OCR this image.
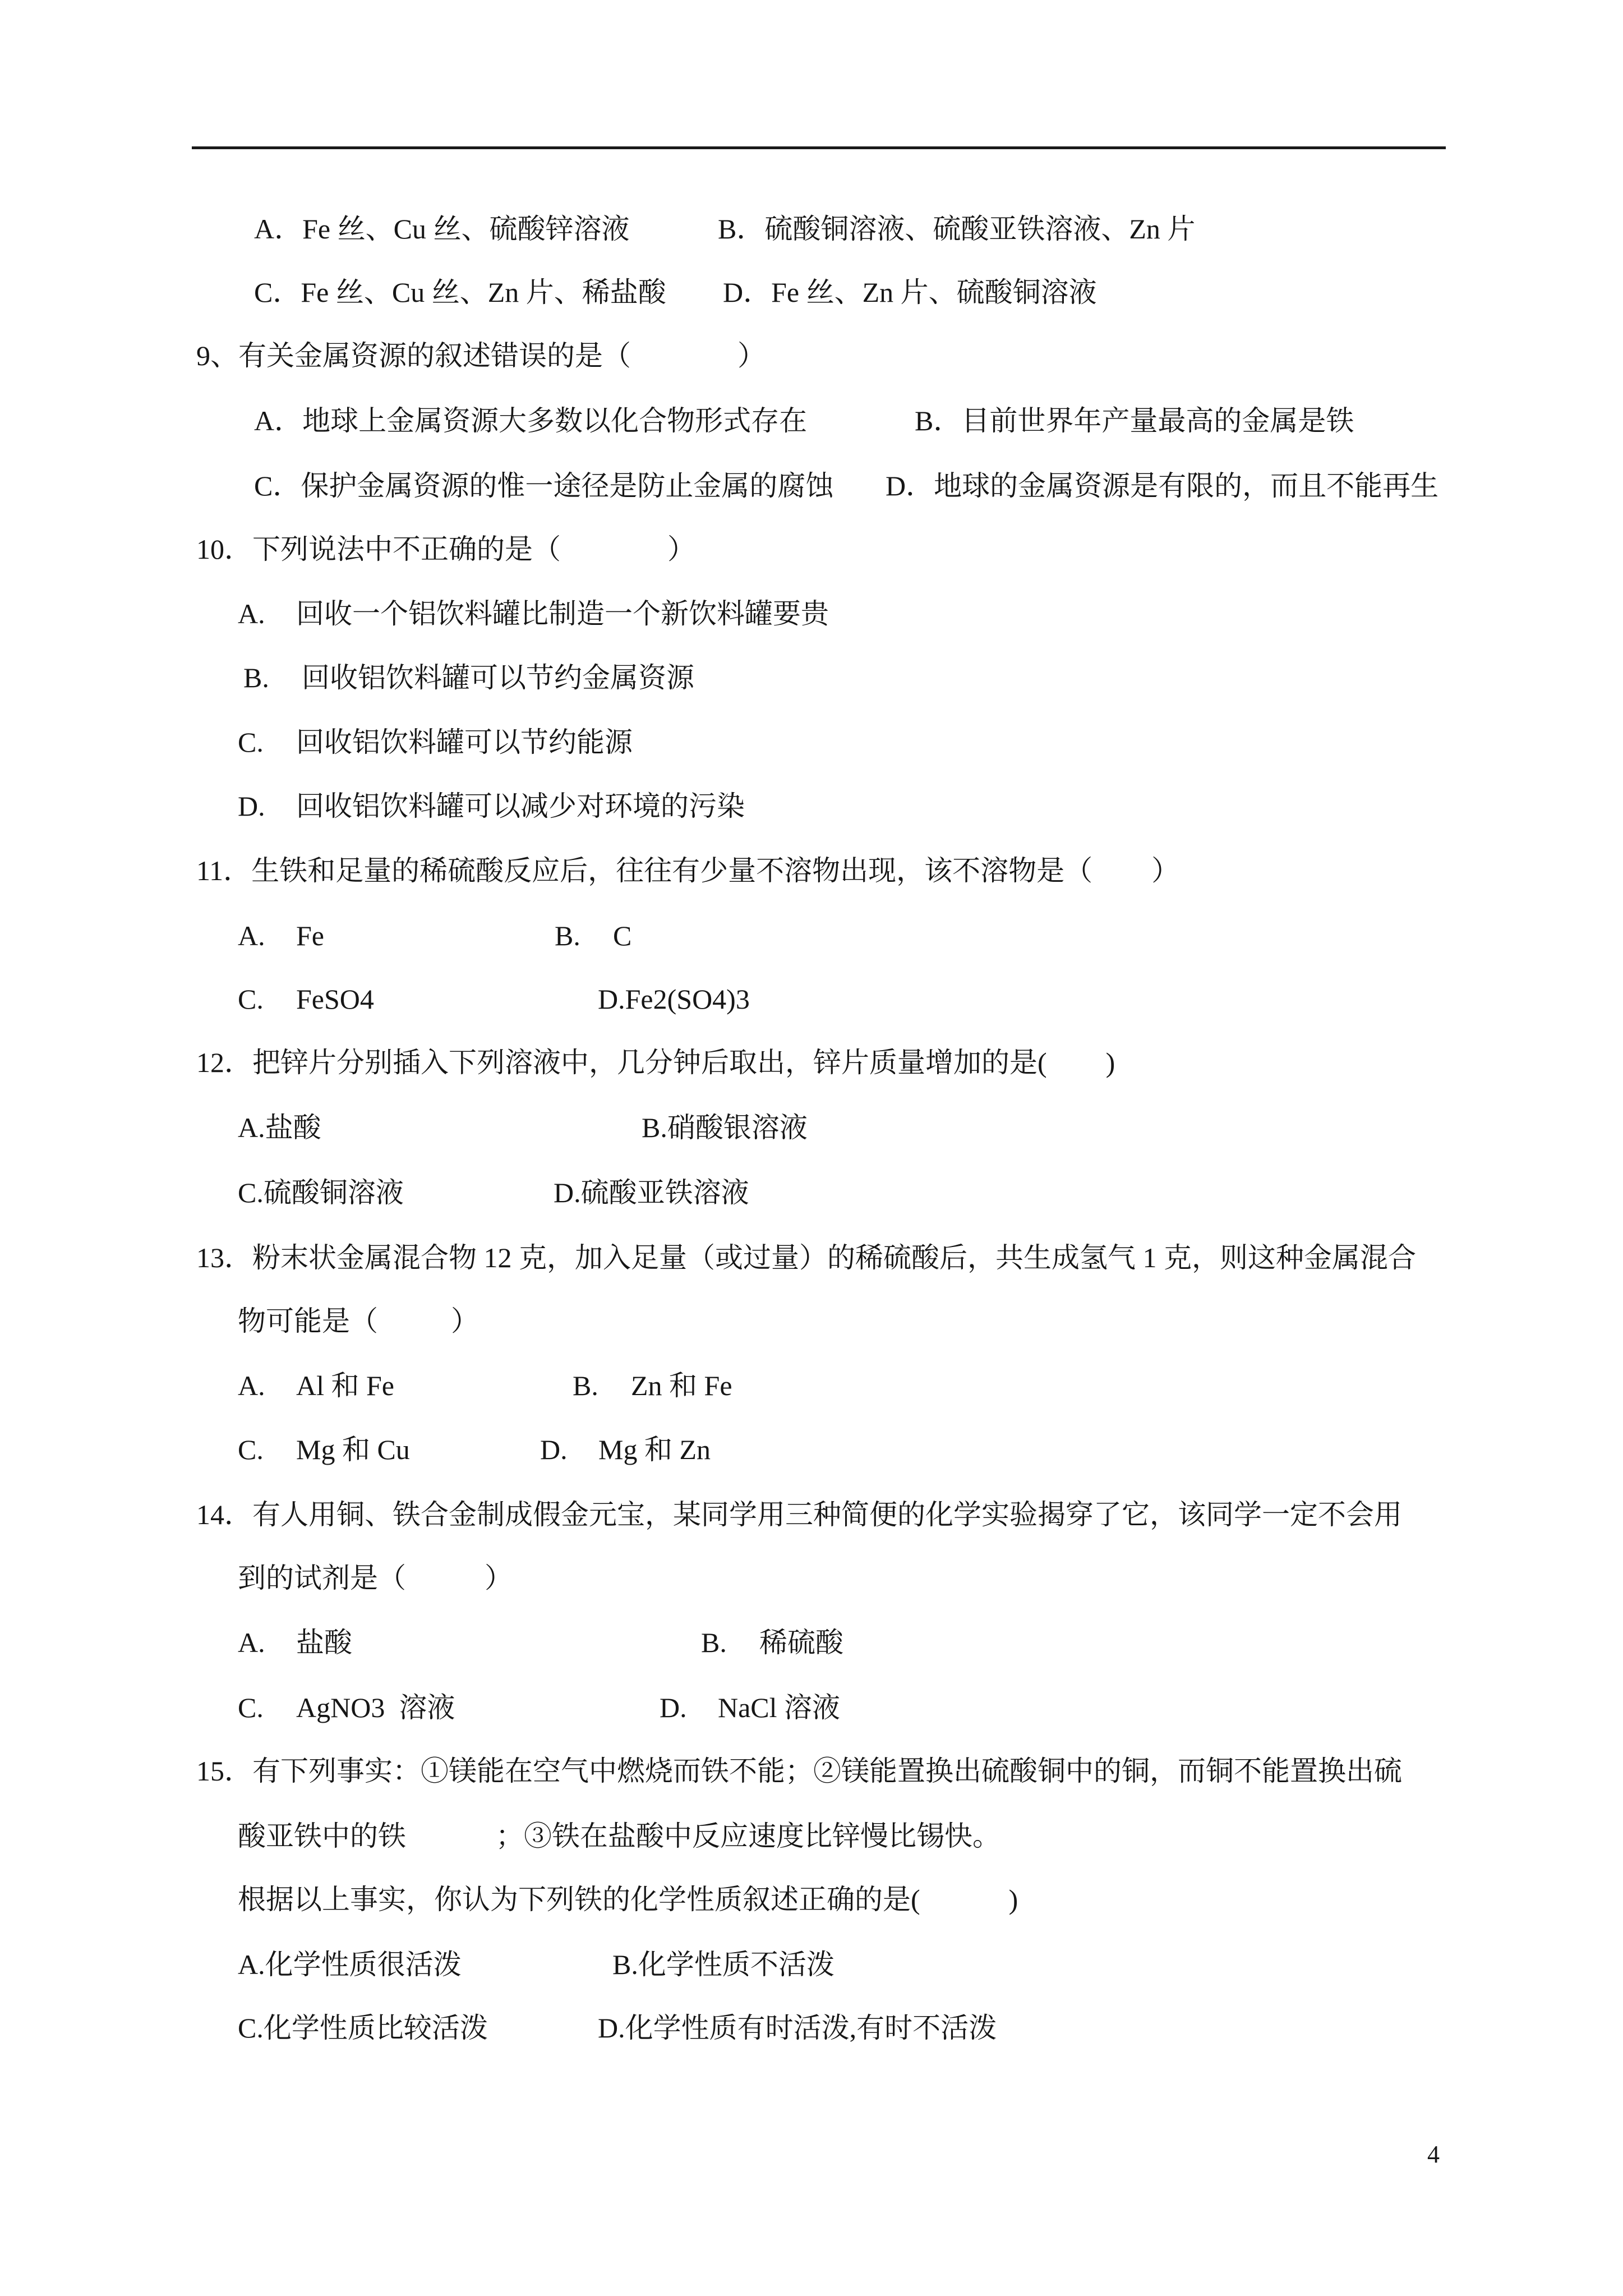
A．Fe 丝、Cu 丝、硫酸锌溶液	B．硫酸铜溶液、硫酸亚铁溶液、Zn 片
C．Fe 丝、Cu 丝、Zn 片、稀盐酸	D．Fe 丝、Zn 片、硫酸铜溶液
9、有关金属资源的叙述错误的是（	）
A．地球上金属资源大多数以化合物形式存在	B．目前世界年产量最高的金属是铁
C．保护金属资源的惟一途径是防止金属的腐蚀	D．地球的金属资源是有限的，而且不能再生
10．下列说法中不正确的是（	）
A. 回收一个铝饮料罐比制造一个新饮料罐要贵
B. 回收铝饮料罐可以节约金属资源
C. 回收铝饮料罐可以节约能源
D. 回收铝饮料罐可以减少对环境的污染
11．生铁和足量的稀硫酸反应后，往往有少量不溶物出现，该不溶物是（ ）
A. Fe	B. C
C. FeSO4	D.Fe2(SO4)3
12．把锌片分别插入下列溶液中，几分钟后取出，锌片质量增加的是( )
A.盐酸	B.硝酸银溶液
C.硫酸铜溶液	D.硫酸亚铁溶液
13．粉末状金属混合物 12 克，加入足量（或过量）的稀硫酸后，共生成氢气 1 克，则这种金属混合
物可能是（	）
A. Al 和 Fe	B. Zn 和 Fe
C. Mg 和 Cu	D. Mg 和 Zn
14．有人用铜、铁合金制成假金元宝，某同学用三种简便的化学实验揭穿了它，该同学一定不会用
到的试剂是（	）
A. 盐酸	B. 稀硫酸
C. AgNO3  溶液	D. NaCl 溶液
15．有下列事实：①镁能在空气中燃烧而铁不能；②镁能置换出硫酸铜中的铜，而铜不能置换出硫
酸亚铁中的铁	；③铁在盐酸中反应速度比锌慢比锡快。
根据以上事实，你认为下列铁的化学性质叙述正确的是(	)
A.化学性质很活泼	B.化学性质不活泼
C.化学性质比较活泼	D.化学性质有时活泼,有时不活泼
4
